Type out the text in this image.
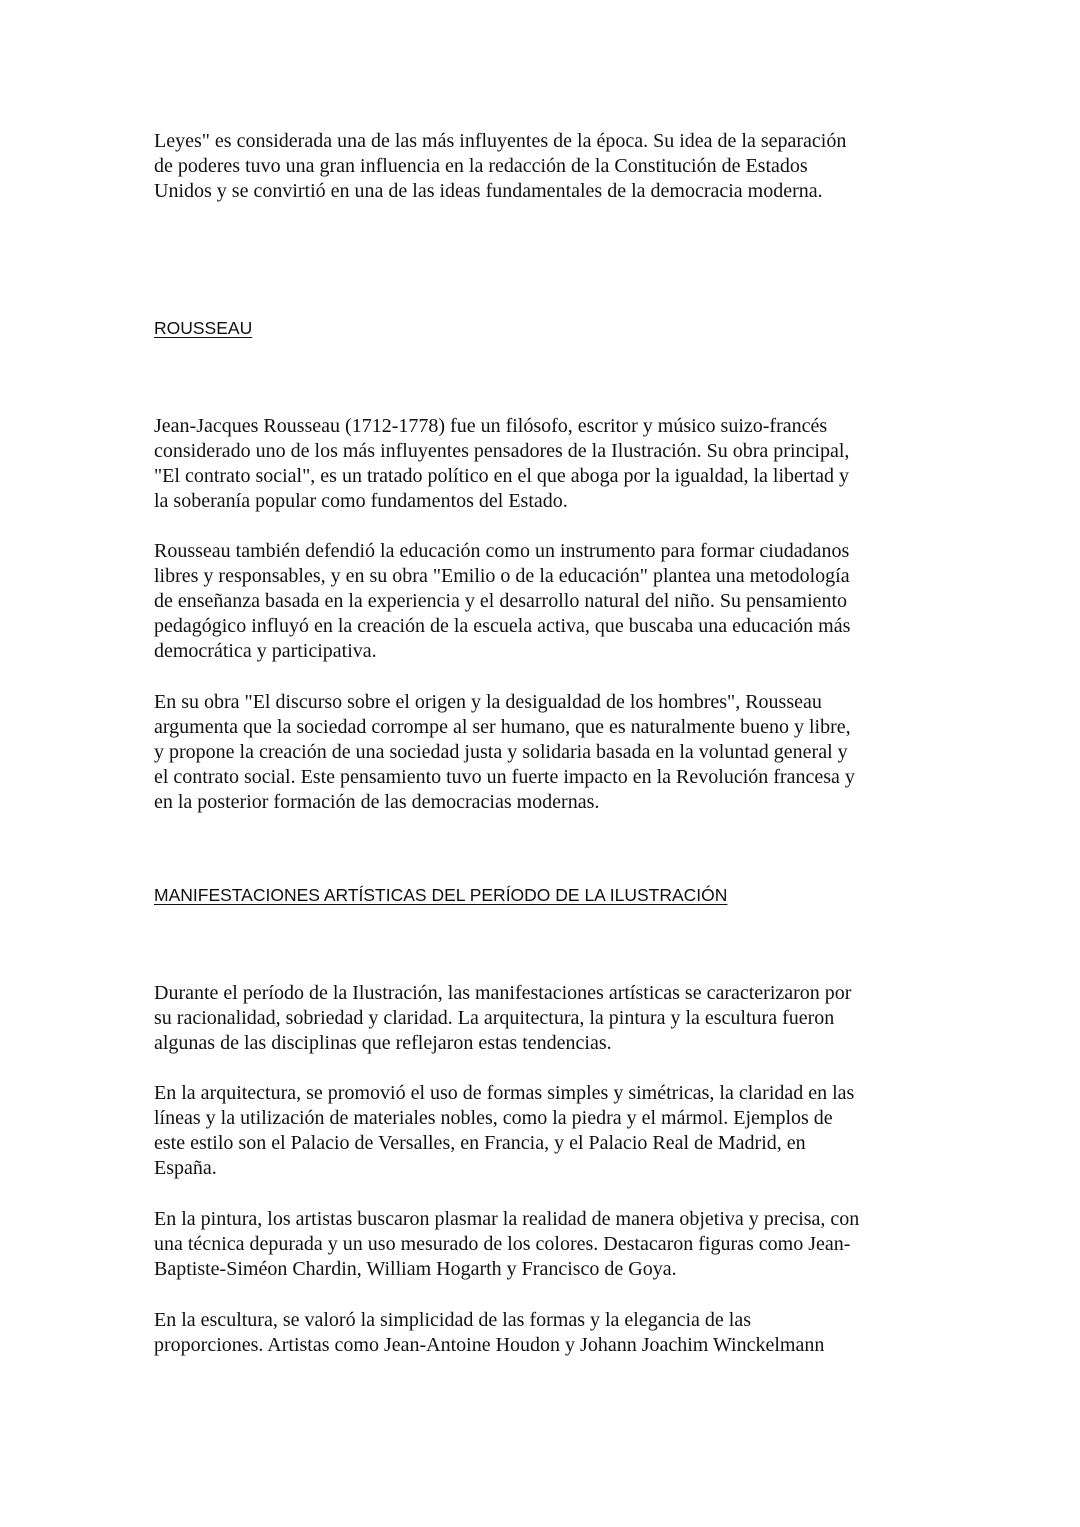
Leyes" es considerada una de las más influyentes de la época. Su idea de la separación
de poderes tuvo una gran influencia en la redacción de la Constitución de Estados
Unidos y se convirtió en una de las ideas fundamentales de la democracia moderna.
ROUSSEAU
Jean-Jacques Rousseau (1712-1778) fue un filósofo, escritor y músico suizo-francés
considerado uno de los más influyentes pensadores de la Ilustración. Su obra principal,
"El contrato social", es un tratado político en el que aboga por la igualdad, la libertad y
la soberanía popular como fundamentos del Estado.
Rousseau también defendió la educación como un instrumento para formar ciudadanos
libres y responsables, y en su obra "Emilio o de la educación" plantea una metodología
de enseñanza basada en la experiencia y el desarrollo natural del niño. Su pensamiento
pedagógico influyó en la creación de la escuela activa, que buscaba una educación más
democrática y participativa.
En su obra "El discurso sobre el origen y la desigualdad de los hombres", Rousseau
argumenta que la sociedad corrompe al ser humano, que es naturalmente bueno y libre,
y propone la creación de una sociedad justa y solidaria basada en la voluntad general y
el contrato social. Este pensamiento tuvo un fuerte impacto en la Revolución francesa y
en la posterior formación de las democracias modernas.
MANIFESTACIONES ARTÍSTICAS DEL PERÍODO DE LA ILUSTRACIÓN
Durante el período de la Ilustración, las manifestaciones artísticas se caracterizaron por
su racionalidad, sobriedad y claridad. La arquitectura, la pintura y la escultura fueron
algunas de las disciplinas que reflejaron estas tendencias.
En la arquitectura, se promovió el uso de formas simples y simétricas, la claridad en las
líneas y la utilización de materiales nobles, como la piedra y el mármol. Ejemplos de
este estilo son el Palacio de Versalles, en Francia, y el Palacio Real de Madrid, en
España.
En la pintura, los artistas buscaron plasmar la realidad de manera objetiva y precisa, con
una técnica depurada y un uso mesurado de los colores. Destacaron figuras como Jean-
Baptiste-Siméon Chardin, William Hogarth y Francisco de Goya.
En la escultura, se valoró la simplicidad de las formas y la elegancia de las
proporciones. Artistas como Jean-Antoine Houdon y Johann Joachim Winckelmann
